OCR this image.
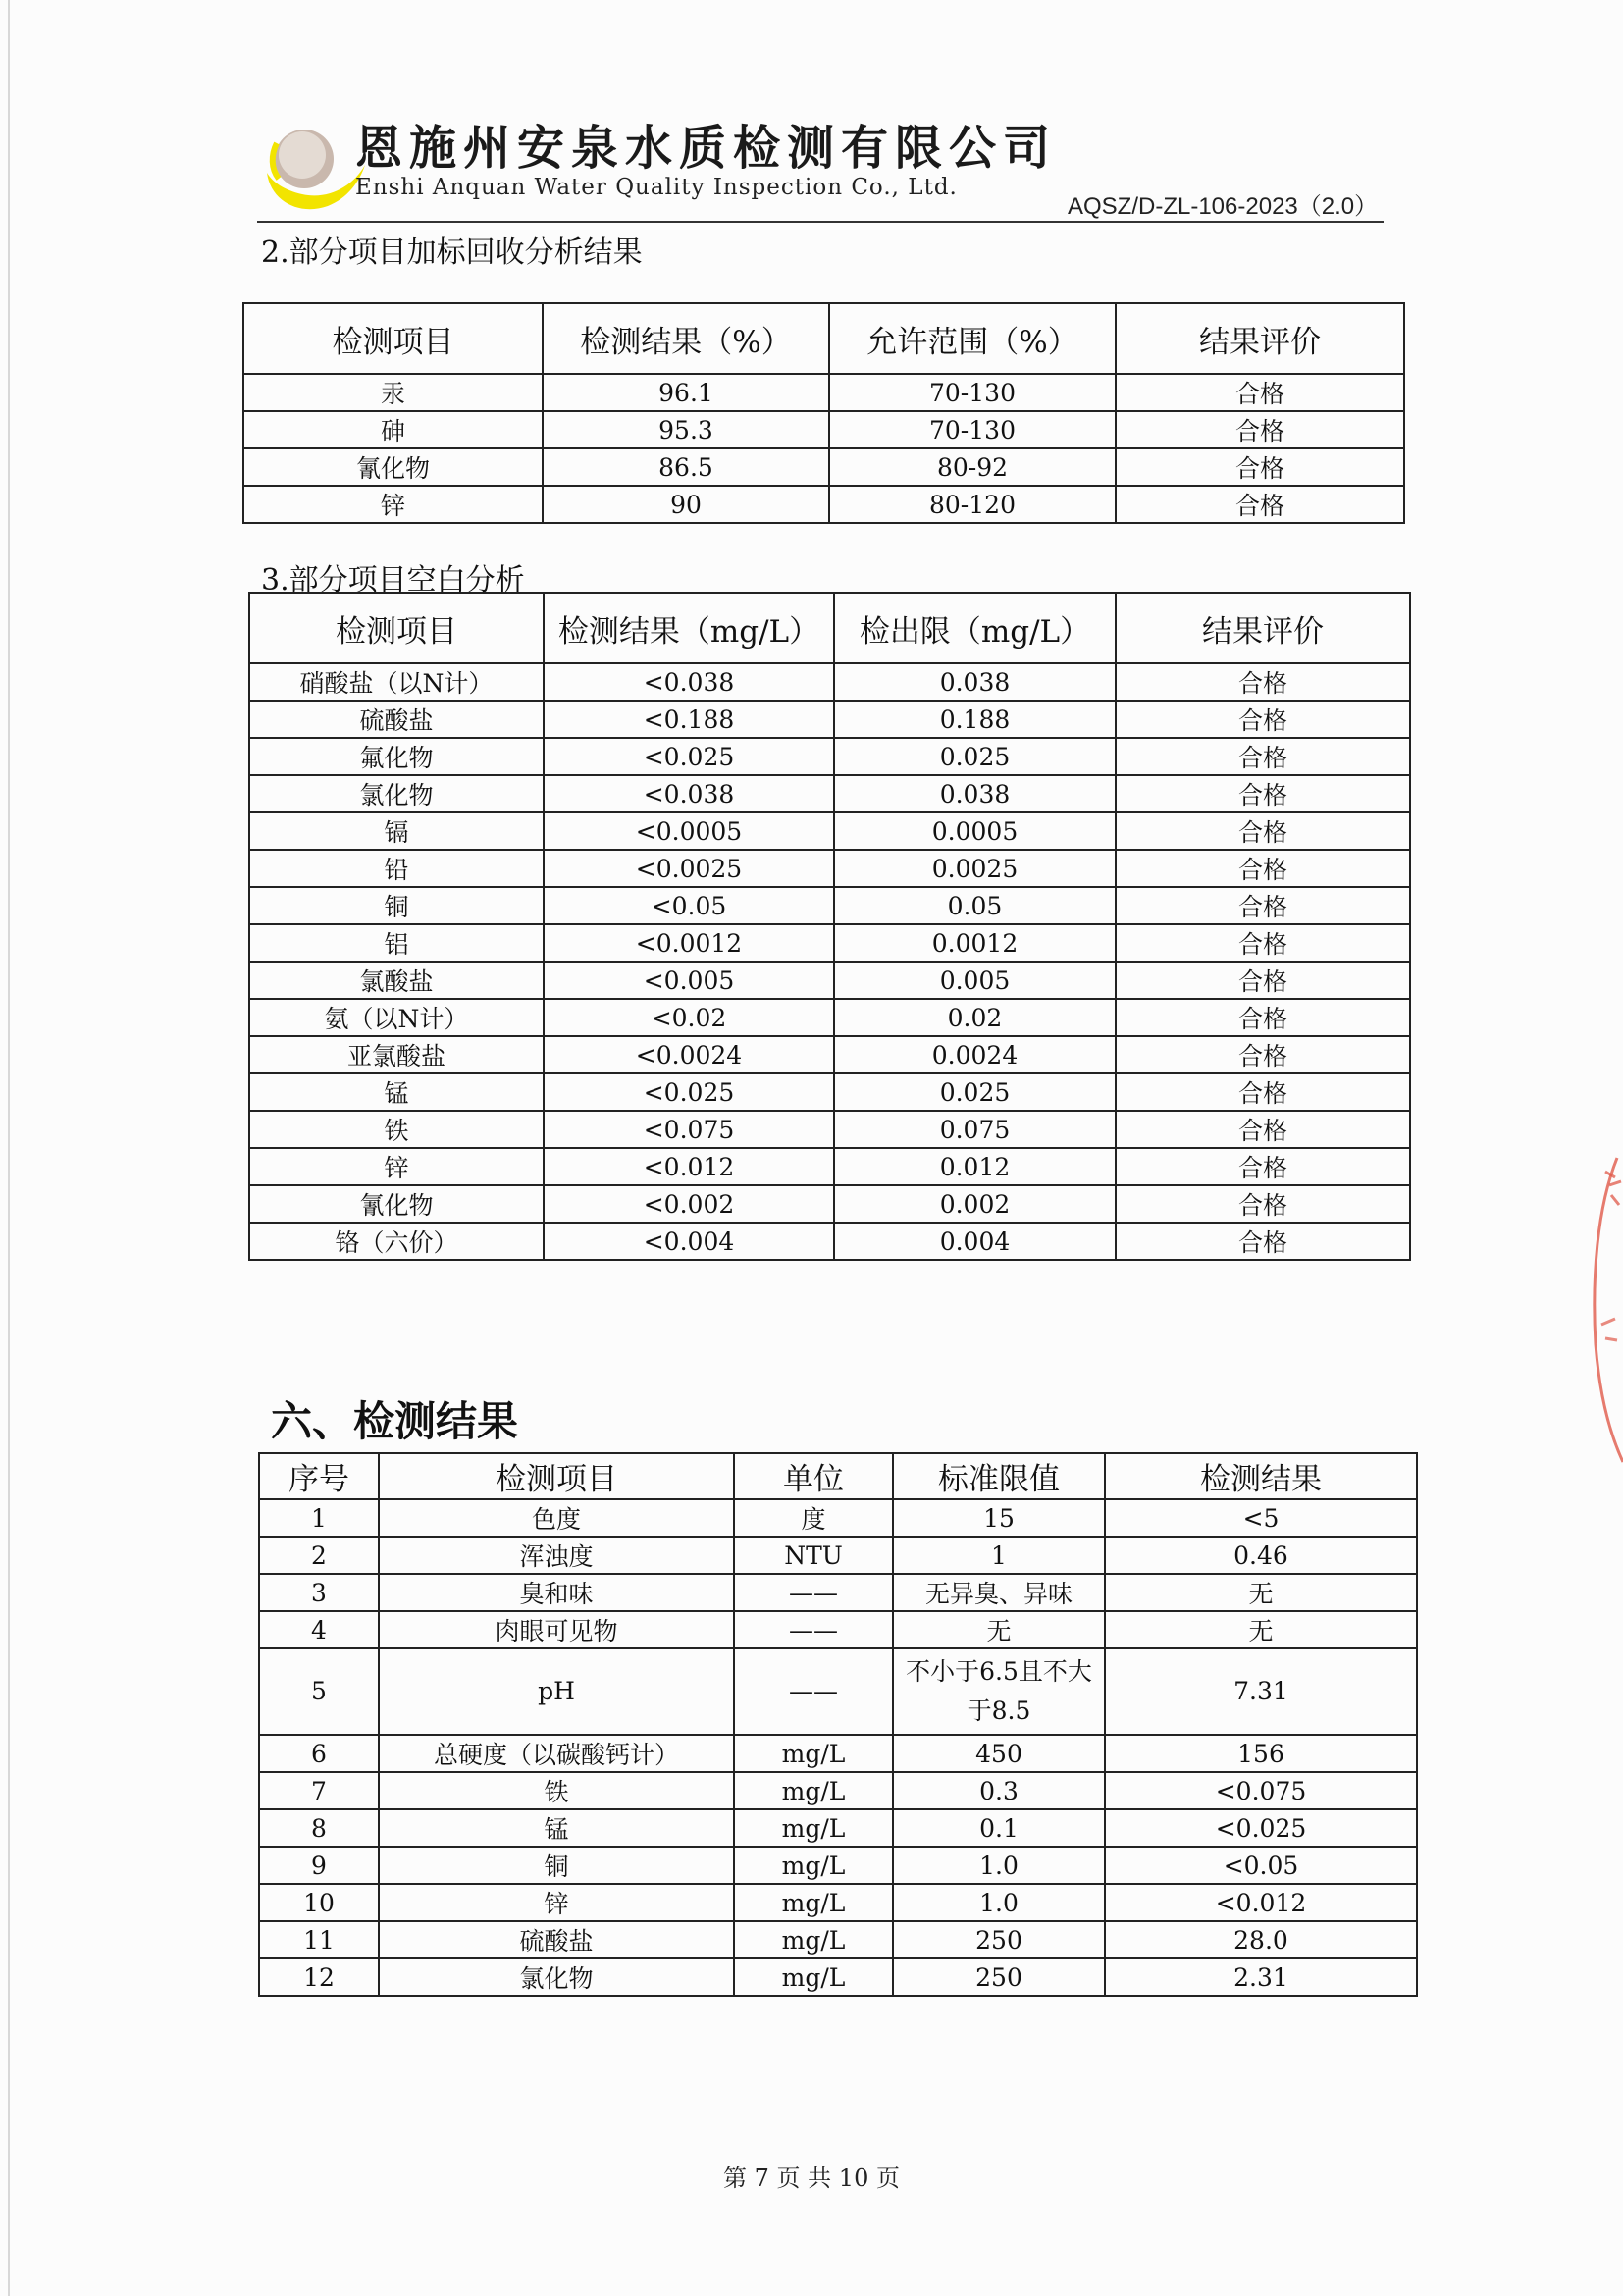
恩施州安泉水质检测有限公司
Enshi Anquan Water Quality Inspection Co., Ltd.
AQSZ/D-ZL-106-2023（2.0）
2.部分项目加标回收分析结果
检测项目	检测结果（%）	允许范围（%）	结果评价
汞	96.1	70-130	合格
砷	95.3	70-130	合格
氰化物	86.5	80-92	合格
锌	90	80-120	合格
3.部分项目空白分析
检测项目	检测结果（mg/L）	检出限（mg/L）	结果评价
硝酸盐（以N计）	<0.038	0.038	合格
硫酸盐	<0.188	0.188	合格
氟化物	<0.025	0.025	合格
氯化物	<0.038	0.038	合格
镉	<0.0005	0.0005	合格
铅	<0.0025	0.0025	合格
铜	<0.05	0.05	合格
铝	<0.0012	0.0012	合格
氯酸盐	<0.005	0.005	合格
氨（以N计）	<0.02	0.02	合格
亚氯酸盐	<0.0024	0.0024	合格
锰	<0.025	0.025	合格
铁	<0.075	0.075	合格
锌	<0.012	0.012	合格
氰化物	<0.002	0.002	合格
铬（六价）	<0.004	0.004	合格
六、检测结果
序号	检测项目	单位	标准限值	检测结果
1	色度	度	15	<5
2	浑浊度	NTU	1	0.46
3	臭和味	——	无异臭、异味	无
4	肉眼可见物	——	无	无
5	pH	——	不小于6.5且不大于8.5	7.31
6	总硬度（以碳酸钙计）	mg/L	450	156
7	铁	mg/L	0.3	<0.075
8	锰	mg/L	0.1	<0.025
9	铜	mg/L	1.0	<0.05
10	锌	mg/L	1.0	<0.012
11	硫酸盐	mg/L	250	28.0
12	氯化物	mg/L	250	2.31
第 7 页 共 10 页
